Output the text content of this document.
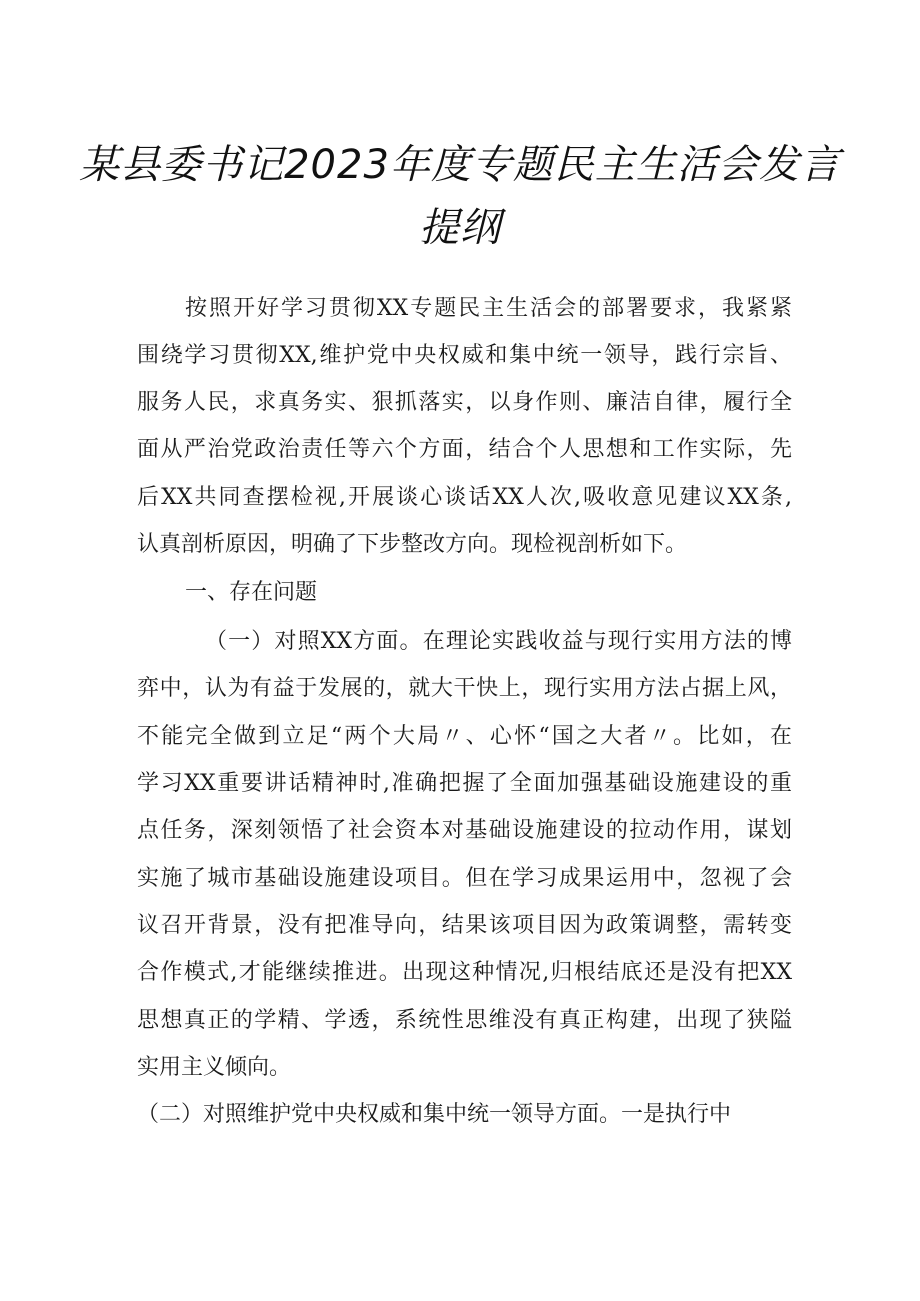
某县委书记2023年度专题民主生活会发言
提纲
按照开好学习贯彻XX专题民主生活会的部署要求，我紧紧
围绕学习贯彻XX,维护党中央权威和集中统一领导，践行宗旨、
服务人民，求真务实、狠抓落实，以身作则、廉洁自律，履行全
面从严治党政治责任等六个方面，结合个人思想和工作实际，先
后XX共同查摆检视,开展谈心谈话XX人次,吸收意见建议XX条,
认真剖析原因，明确了下步整改方向。现检视剖析如下。
一、存在问题
（一）对照XX方面。在理论实践收益与现行实用方法的博
弈中，认为有益于发展的，就大干快上，现行实用方法占据上风，
不能完全做到立足“两个大局〃、心怀“国之大者〃。比如，在
学习XX重要讲话精神时,准确把握了全面加强基础设施建设的重
点任务，深刻领悟了社会资本对基础设施建设的拉动作用，谋划
实施了城市基础设施建设项目。但在学习成果运用中，忽视了会
议召开背景，没有把准导向，结果该项目因为政策调整，需转变
合作模式,才能继续推进。出现这种情况,归根结底还是没有把XX
思想真正的学精、学透，系统性思维没有真正构建，出现了狭隘
实用主义倾向。
（二）对照维护党中央权威和集中统一领导方面。一是执行中
